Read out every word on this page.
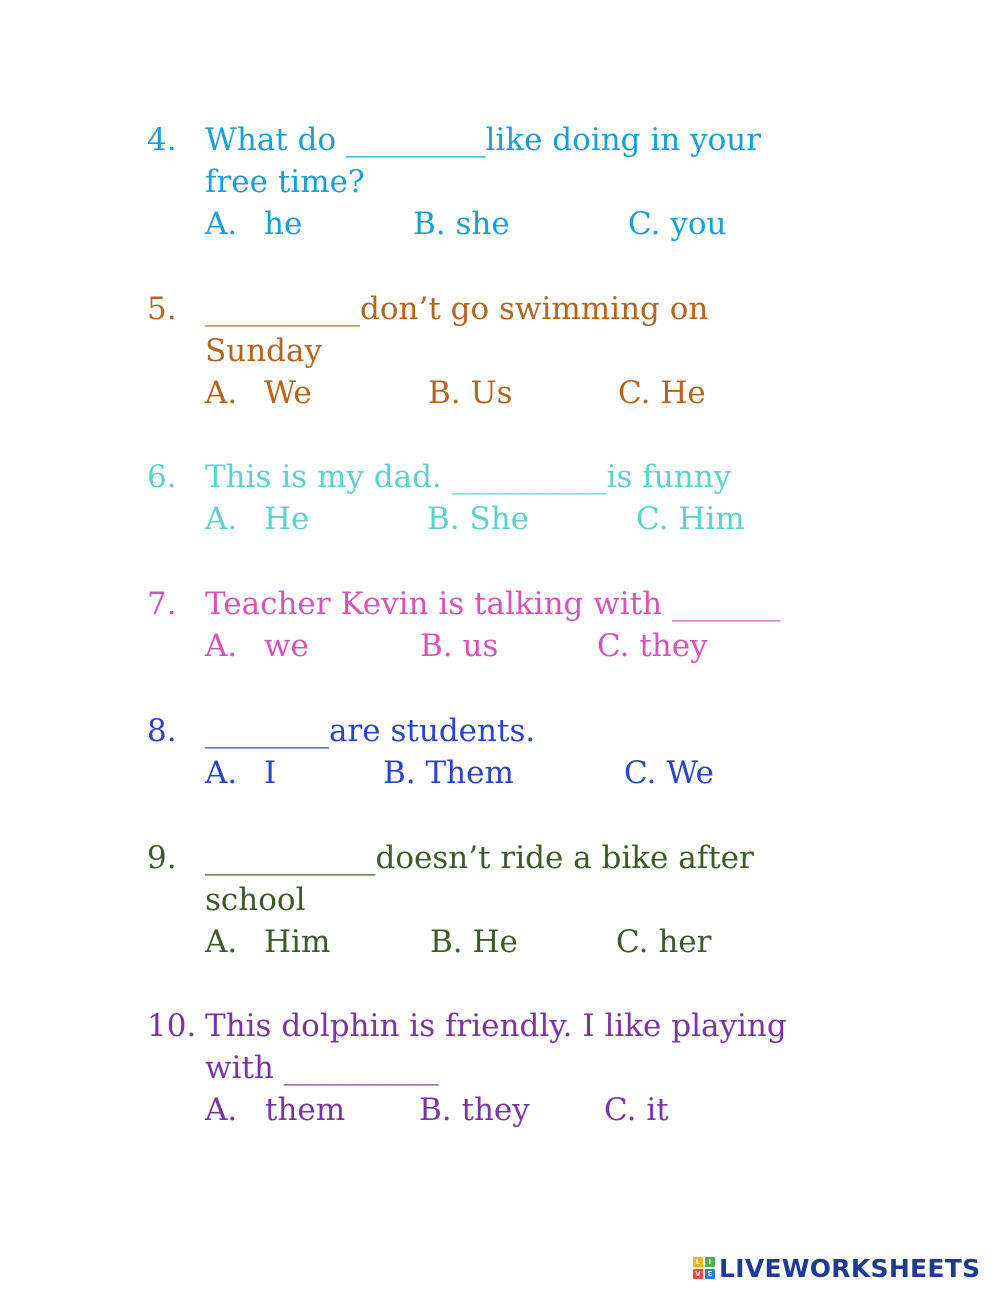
4. What do _________like doing in your
free time?
A. he	B. she	C. you
5. __________don’t go swimming on
Sunday
A. We	B. Us	C. He
6. This is my dad. __________is funny
A. He	B. She	C. Him
7. Teacher Kevin is talking with _______
A. we	B. us	C. they
8. ________are students.
A. I	B. Them	C. We
9. ___________doesn’t ride a bike after
school
A. Him	B. He	C. her
10. This dolphin is friendly. I like playing
with __________
A. them B. they C. it
L	I
V E LIVEWORKSHEETS
